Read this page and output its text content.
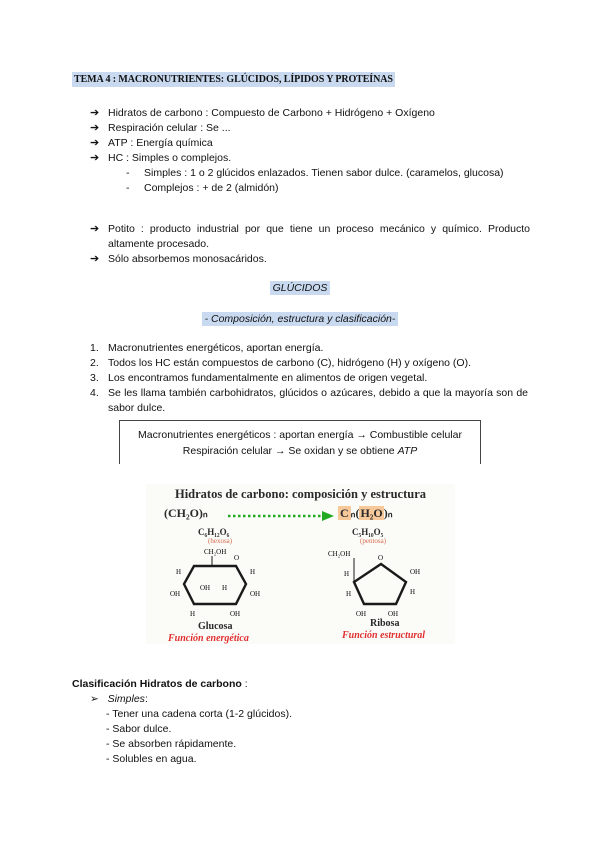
TEMA 4 : MACRONUTRIENTES: GLÚCIDOS, LÍPIDOS Y PROTEÍNAS
➔ Hidratos de carbono : Compuesto de Carbono + Hidrógeno + Oxígeno
➔ Respiración celular : Se ...
➔ ATP : Energía química
➔ HC : Simples o complejos.
-	Simples : 1 o 2 glúcidos enlazados. Tienen sabor dulce. (caramelos, glucosa)
-	Complejos : + de 2 (almidón)
➔ Potito : producto industrial por que tiene un proceso mecánico y químico. Producto altamente procesado.
➔ Sólo absorbemos monosacáridos.
GLÚCIDOS
- Composición, estructura y clasificación-
1. Macronutrientes energéticos, aportan energía.
2. Todos los HC están compuestos de carbono (C), hidrógeno (H) y oxígeno (O).
3. Los encontramos fundamentalmente en alimentos de origen vegetal.
4. Se les llama también carbohidratos, glúcidos o azúcares, debido a que la mayoría son de sabor dulce.
Macronutrientes energéticos : aportan energía → Combustible celular
Respiración celular → Se oxidan y se obtiene ATP
Hidratos de carbono: composición y estructura
(CH₂O)ₙ	C ₙ(H₂O)ₙ
C₆H₁₂O₆
(hexosa)
C₅H₁₀O₅
(pentosa)
CH₂OH
O
H	H
OH	OH
OH H
H	OH
CH₂OH	O
OH
H
H
H
OH	OH
Glucosa	Ribosa
Función energética	Función estructural
Clasificación Hidratos de carbono :
➢ Simples:
- Tener una cadena corta (1-2 glúcidos).
- Sabor dulce.
- Se absorben rápidamente.
- Solubles en agua.
